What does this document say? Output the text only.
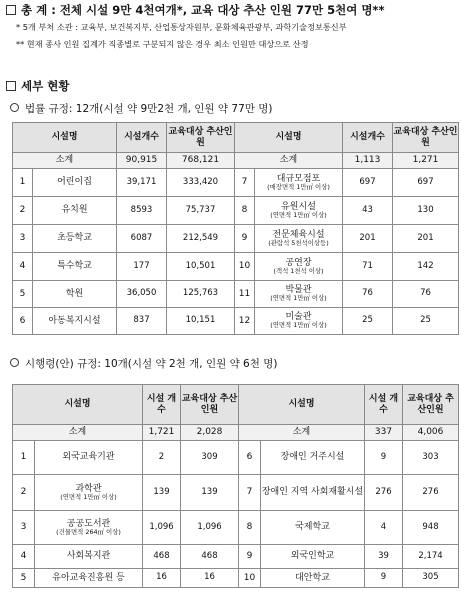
총 계 : 전체 시설 9만 4천여개*, 교육 대상 추산 인원 77만 5천여 명**
* 5개 부처 소관 : 교육부, 보건복지부, 산업통상자원부, 문화체육관광부, 과학기술정보통신부
** 현재 종사 인원 집계가 직종별로 구분되지 않은 경우 최소 인원만 대상으로 산정
세부 현황
법률 규정: 12개(시설 약 9만2천 개, 인원 약 77만 명)
시설명		시설개수	교육대상 추산인원	시설명		시설개수	교육대상 추산인원
소계		90,915	768,121	소계		1,113	1,271
1	어린이집	39,171	333,420	7	대규모점포
(매장면적 1만㎡ 이상)	697	697
2	유치원	8593	75,737	8	유원시설
(연면적 1만㎡ 이상)	43	130
3	초등학교	6087	212,549	9	전문체육시설
(관람석 5천석이상등)	201	201
4	특수학교	177	10,501	10	공연장
(객석 1천석 이상)	71	142
5	학원	36,050	125,763	11	박물관
(연면적 1만㎡ 이상)	76	76
6	아동복지시설	837	10,151	12	미술관
(연면적 1만㎡ 이상)	25	25
시행령(안) 규정: 10개(시설 약 2천 개, 인원 약 6천 명)
시설명		시설 개수	교육대상 추산인원	시설명		시설 개수	교육대상 추산인원
소계		1,721	2,028	소계		337	4,006
1	외국교육기관	2	309	6	장애인 거주시설	9	303
2	과학관
(연면적 1만㎡ 이상)	139	139	7	장애인 지역 사회재활시설	276	276
3	공공도서관
(건물면적 264㎡ 이상)	1,096	1,096	8	국제학교	4	948
4	사회복지관	468	468	9	외국인학교	39	2,174
5	유아교육진흥원 등	16	16	10	대안학교	9	305
